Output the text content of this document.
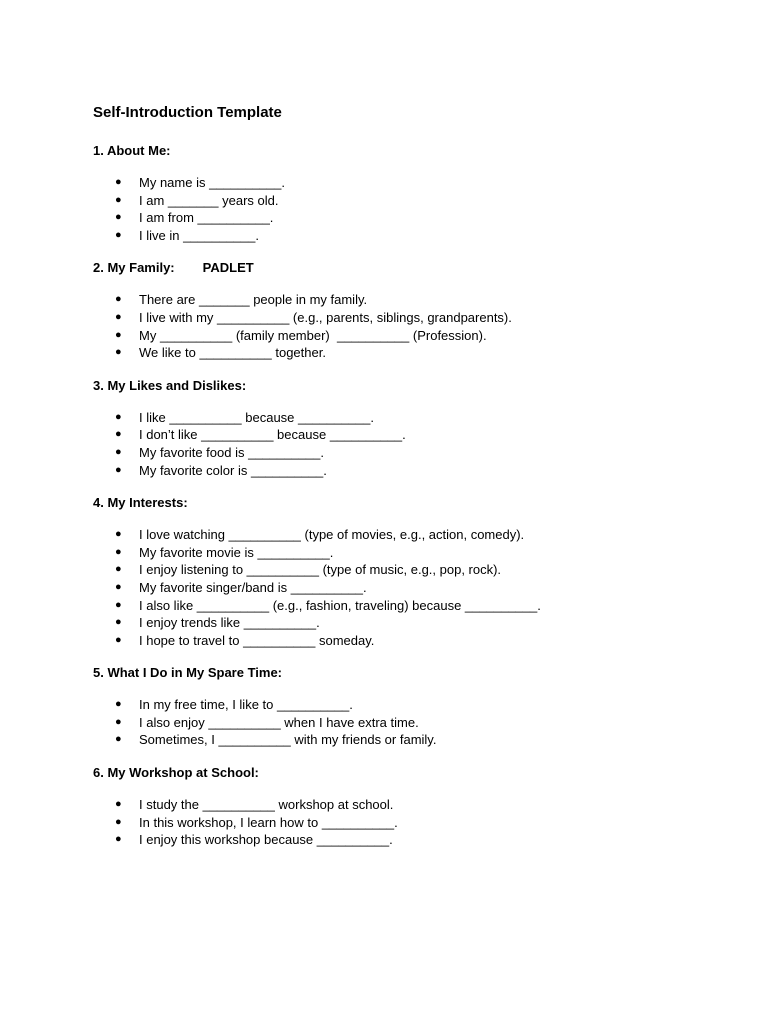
Self-Introduction Template
1. About Me:
● My name is __________.
● I am _______ years old.
● I am from __________.
● I live in __________.
2. My Family: PADLET
● There are _______ people in my family.
● I live with my __________ (e.g., parents, siblings, grandparents).
● My __________ (family member)  __________ (Profession).
● We like to __________ together.
3. My Likes and Dislikes:
● I like __________ because __________.
● I don’t like __________ because __________.
● My favorite food is __________.
● My favorite color is __________.
4. My Interests:
● I love watching __________ (type of movies, e.g., action, comedy).
● My favorite movie is __________.
● I enjoy listening to __________ (type of music, e.g., pop, rock).
● My favorite singer/band is __________.
● I also like __________ (e.g., fashion, traveling) because __________.
● I enjoy trends like __________.
● I hope to travel to __________ someday.
5. What I Do in My Spare Time:
● In my free time, I like to __________.
● I also enjoy __________ when I have extra time.
● Sometimes, I __________ with my friends or family.
6. My Workshop at School:
● I study the __________ workshop at school.
● In this workshop, I learn how to __________.
● I enjoy this workshop because __________.
